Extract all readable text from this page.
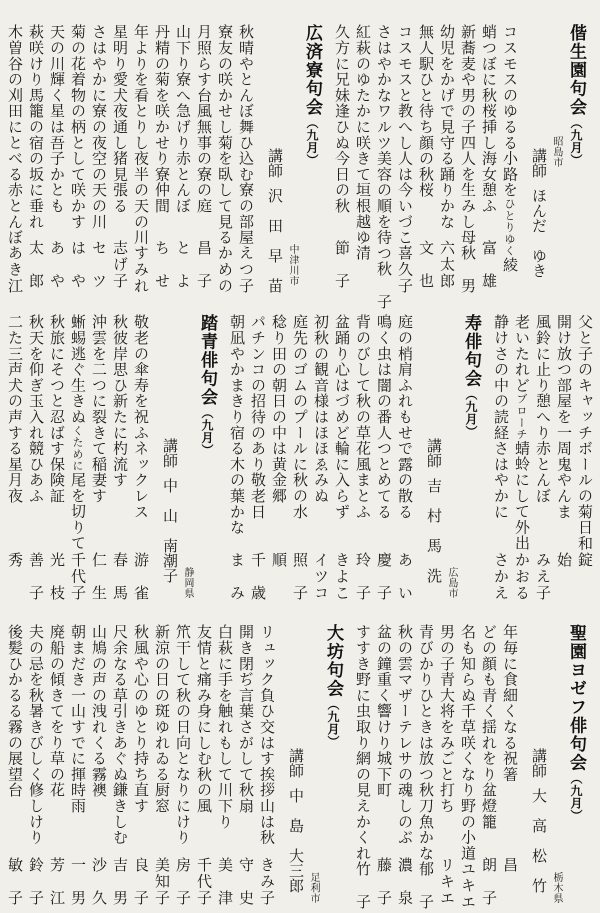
偕生園句会︵九月︶
昭島市
講師
ほんだ　ゆき
コスモスのゆるる小路をひとりゆく
綾
蛸つぼに秋桜挿し海女憩ふ
富雄
新蕎麦や男の子四人を生みし母
秋男
幼児をかげで見守る踊りかな
六太郎
無人駅ひと待ち顔の秋桜
文也
コスモスと教へし人は今いづこ
喜久子
さはやかなワルツ美容の順を待つ
秋子
紅萩のゆたかに咲きて垣根越ゆ
清
久方に兄妹逢ひぬ今日の秋
節子
広済寮句会︵九月︶
中津川市
講師
沢　田　早　苗
秋晴やとんぼ舞ひ込む寮の部屋
えつ子
寮友の咲かせし菊を臥して見る
かめの
月照らす台風無事の寮の庭
昌子
山下り寮へ急げり赤とんぼ
とよ
丹精の菊を咲かせり寮仲間
ちせ
年よりを看とりし夜半の天の川
すみれ
星明り愛犬夜通し猪見張る
志げ子
さはやかに寮の夜空の天の川
セツ
菊の花着物の柄として咲かす
はや
天の川輝く星は吾子かとも
あや
萩咲けり馬籠の宿の坂に垂れ
太郎
木曽谷の刈田にとべる赤とんぼ
あき江
父と子のキャッチボールの菊日和
錠
開け放つ部屋を一周鬼やんま
始
風鈴に止り憩へり赤とんぼ
みえ子
老いたれどブローチ蜻蛉にして外出
かおる
静けさの中の読経さはやかに
さかえ
寿俳句会︵九月︶
広島市
講師
吉　村　馬　洗
庭の梢肩ふれもせで露の散る
あい
鳴く虫は闇の番人つとめてる
慶子
背のびして秋の草花風まとふ
玲子
盆踊り心はづめど輪に入らず
きよこ
初秋の観音様はほほゑみぬ
イツコ
庭先のゴムのプールに秋の水
照子
稔り田の朝日の中は黄金郷
順
パチンコの招待のあり敬老日
千歳
朝凪やかまきり宿る木の葉かな
まみ
踏青俳句会︵九月︶
静岡県
講師
中　山　南潮子
敬老の傘寿を祝ふネックレス
游雀
秋彼岸思ひ新たに杓流す
春馬
沖雲を二つに裂きて稲妻す
仁生
蜥蜴逃ぐ生きぬくために尾を切りて
千代子
秋旅にそつと忍ばす保険証
光枝
秋天を仰ぎ玉入れ競ひあふ
善子
二た三声犬の声する星月夜
秀
聖園ヨゼフ俳句会︵九月︶
栃木県
講師
大　高　松　竹
年毎に食細くなる祝箸
昌
どの顔も青く揺れをり盆燈籠
朗子
名も知らぬ千草咲くなり野の小道
ユキエ
男の子青大将をみごと打ち
リキエ
青びかりひときは放つ秋刀魚かな
郁子
秋の雲マザーテレサの魂しのぶ
濃泉
盆の鐘重く響けり城下町
藤子
すすき野に虫取り網の見えかくれ
竹子
大坊句会︵九月︶
足利市
講師
中　島　大三郎
リュック負ひ交はす挨拶山は秋
きみ子
開き閉ぢ言葉さがして秋扇
守史
白萩に手を触れもして川下り
美津
友情と痛み身にしむ秋の風
千代子
笊干して秋の日向となりにけり
房子
新涼の日の斑ゆれゐる厨窓
美知子
秋風や心のゆとり持ち直す
良子
尺余なる草引きあぐぬ鎌きしむ
吉男
山鳩の声の洩れくる霧襖
沙久
朝まだき一山すでに揮時雨
一男
廃船の傾きてをり草の花
芳江
夫の忌を秋暑きびしく修しけり
鈴子
後髪ひかるる霧の展望台
敏子
